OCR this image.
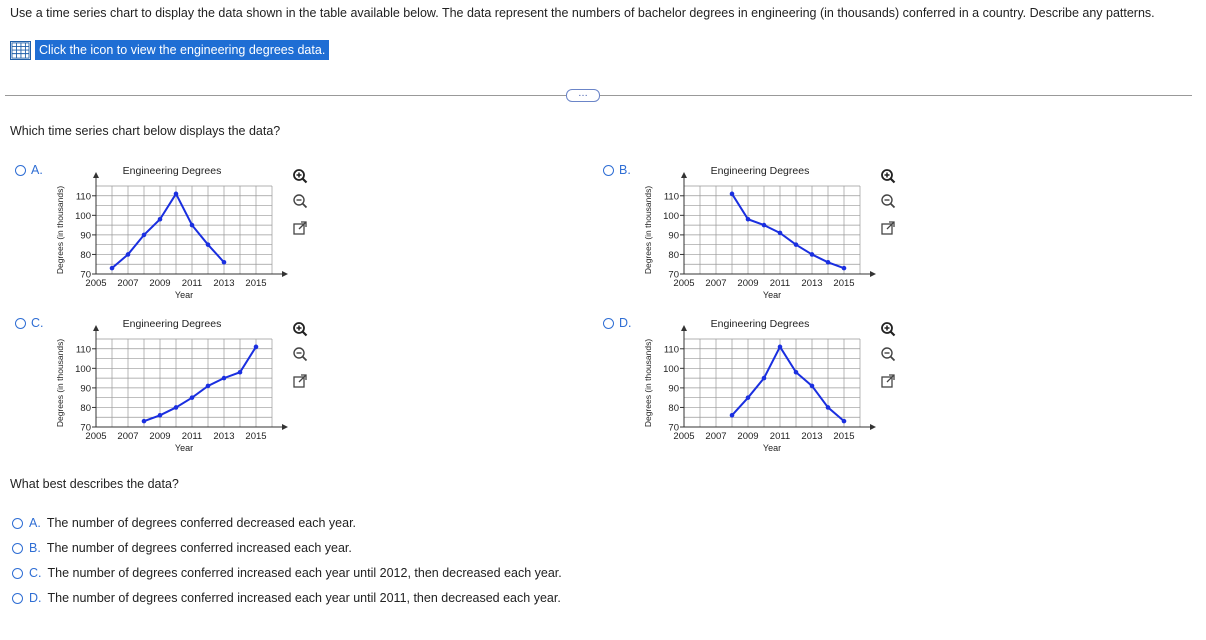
Use a time series chart to display the data shown in the table available below. The data represent the numbers of bachelor degrees in engineering (in thousands) conferred in a country. Describe any patterns.
Click the icon to view the engineering degrees data.
…
Which time series chart below displays the data?
A.	B.
C.	D.
Engineering Degrees
70
80
90
100
110
2005 2007 2009 2011 2013 2015
Year
Degrees (in thousands)
Engineering Degrees
70
80
90
100
110
2005 2007 2009 2011 2013 2015
Year
Degrees (in thousands)
Engineering Degrees
70
80
90
100
110
2005 2007 2009 2011 2013 2015
Year
Degrees (in thousands)
Engineering Degrees
70
80
90
100
110
2005 2007 2009 2011 2013 2015
Year
Degrees (in thousands)
What best describes the data?
A. The number of degrees conferred decreased each year.
B. The number of degrees conferred increased each year.
C. The number of degrees conferred increased each year until 2012, then decreased each year.
D. The number of degrees conferred increased each year until 2011, then decreased each year.
